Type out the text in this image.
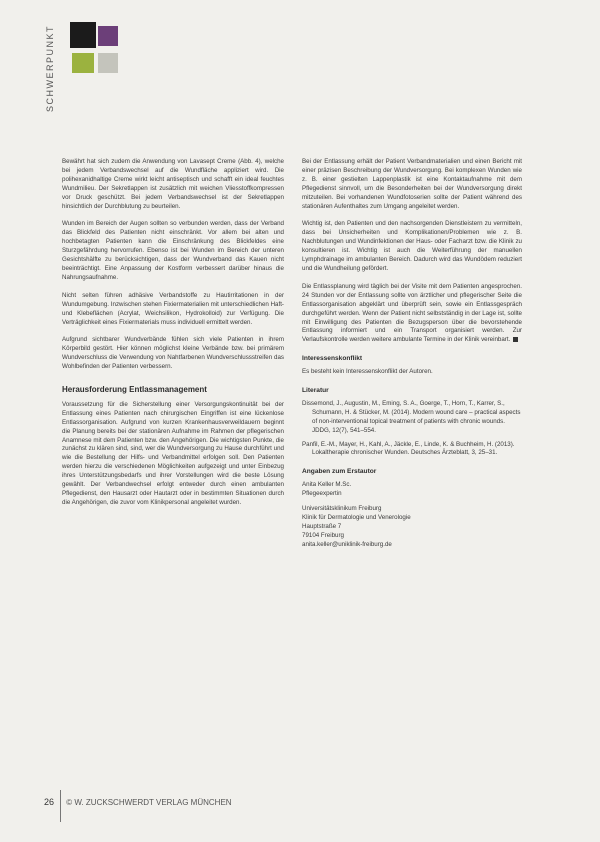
SCHWERPUNKT

Bewährt hat sich zudem die Anwendung von Lavasept Creme (Abb. 4), welche bei jedem Verbandswechsel auf die Wundfläche appliziert wird. Die polihexanidhaltige Creme wirkt leicht antiseptisch und schafft ein ideal feuchtes Wundmilieu. Der Sekretlappen ist zusätzlich mit weichen Vliesstoffkompressen vor Druck geschützt. Bei jedem Verbandswechsel ist der Sekretlappen hinsichtlich der Durchblutung zu beurteilen.

Wunden im Bereich der Augen sollten so verbunden werden, dass der Verband das Blickfeld des Patienten nicht einschränkt. Vor allem bei alten und hochbetagten Patienten kann die Einschränkung des Blickfeldes eine Sturzgefährdung hervorrufen. Ebenso ist bei Wunden im Bereich der unteren Gesichtshälfte zu berücksichtigen, dass der Wundverband das Kauen nicht beeinträchtigt. Eine Anpassung der Kostform verbessert darüber hinaus die Nahrungsaufnahme.

Nicht selten führen adhäsive Verbandstoffe zu Hautirritationen in der Wundumgebung. Inzwischen stehen Fixiermaterialien mit unterschiedlichen Haft- und Klebeflächen (Acrylat, Weichsilikon, Hydrokolloid) zur Verfügung. Die Verträglichkeit eines Fixiermaterials muss individuell ermittelt werden.

Aufgrund sichtbarer Wundverbände fühlen sich viele Patienten in ihrem Körperbild gestört. Hier können möglichst kleine Verbände bzw. bei primärem Wundverschluss die Verwendung von Nahtfarbenen Wundverschlussstreifen das Wohlbefinden der Patienten verbessern.

Herausforderung Entlassmanagement

Voraussetzung für die Sicherstellung einer Versorgungskontinuität bei der Entlassung eines Patienten nach chirurgischen Eingriffen ist eine lückenlose Entlassorganisation. Aufgrund von kurzen Krankenhausverweildauern beginnt die Planung bereits bei der stationären Aufnahme im Rahmen der pflegerischen Anamnese mit dem Patienten bzw. den Angehörigen. Die wichtigsten Punkte, die zunächst zu klären sind, sind, wer die Wundversorgung zu Hause durchführt und wie die Bestellung der Hilfs- und Verbandmittel erfolgen soll. Den Patienten werden hierzu die verschiedenen Möglichkeiten aufgezeigt und unter Einbezug ihres Unterstützungsbedarfs und ihrer Vorstellungen wird die beste Lösung gewählt. Der Verbandwechsel erfolgt entweder durch einen ambulanten Pflegedienst, den Hausarzt oder Hautarzt oder in bestimmten Situationen durch die Angehörigen, die zuvor vom Klinikpersonal angeleitet wurden.

Bei der Entlassung erhält der Patient Verbandmaterialien und einen Bericht mit einer präzisen Beschreibung der Wundversorgung. Bei komplexen Wunden wie z. B. einer gestielten Lappenplastik ist eine Kontaktaufnahme mit dem Pflegedienst sinnvoll, um die Besonderheiten bei der Wundversorgung direkt mitzuteilen. Bei vorhandenen Wundfotoserien sollte der Patient während des stationären Aufenthaltes zum Umgang angeleitet werden.

Wichtig ist, den Patienten und den nachsorgenden Dienstleistern zu vermitteln, dass bei Unsicherheiten und Komplikationen/Problemen wie z. B. Nachblutungen und Wundinfektionen der Haus- oder Facharzt bzw. die Klinik zu konsultieren ist. Wichtig ist auch die Weiterführung der manuellen Lymphdrainage im ambulanten Bereich. Dadurch wird das Wundödem reduziert und die Wundheilung gefördert.

Die Entlassplanung wird täglich bei der Visite mit dem Patienten angesprochen. 24 Stunden vor der Entlassung sollte von ärztlicher und pflegerischer Seite die Entlassorganisation abgeklärt und überprüft sein, sowie ein Entlassgespräch durchgeführt werden. Wenn der Patient nicht selbstständig in der Lage ist, sollte mit Einwilligung des Patienten die Bezugsperson über die bevorstehende Entlassung informiert und ein Transport organisiert werden. Zur Verlaufskontrolle werden weitere ambulante Termine in der Klinik vereinbart.

Interessenskonflikt

Es besteht kein Interessenskonflikt der Autoren.

Literatur

Dissemond, J., Augustin, M., Eming, S. A., Goerge, T., Horn, T., Karrer, S., Schumann, H. & Stücker, M. (2014). Modern wound care – practical aspects of non-interventional topical treatment of patients with chronic wounds. JDDG, 12(7), 541–554.

Panfil, E.-M., Mayer, H., Kahl, A., Jäckle, E., Linde, K. & Buchheim, H. (2013). Lokaltherapie chronischer Wunden. Deutsches Ärzteblatt, 3, 25–31.

Angaben zum Erstautor
Anita Keller M.Sc.
Pflegeexpertin
Universitätsklinikum Freiburg
Klinik für Dermatologie und Venerologie
Hauptstraße 7
79104 Freiburg
anita.keller@uniklinik-freiburg.de
26 © W. ZUCKSCHWERDT VERLAG MÜNCHEN
